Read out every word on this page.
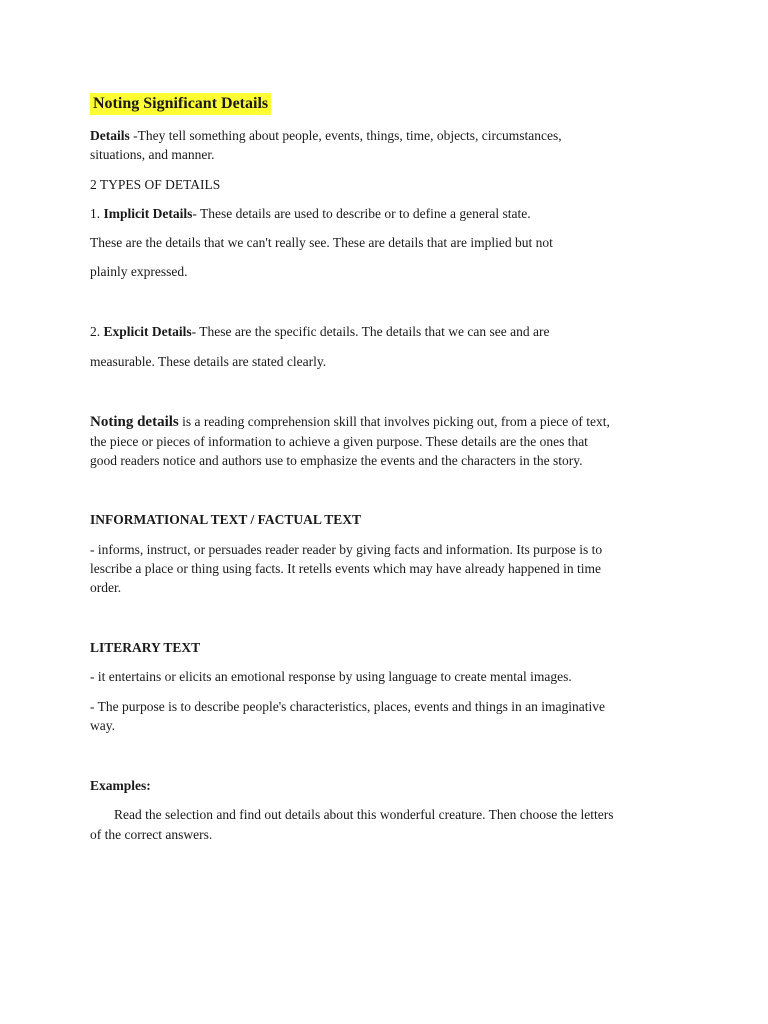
Noting Significant Details

Details -They tell something about people, events, things, time, objects, circumstances,

situations, and manner.

2 TYPES OF DETAILS

1. Implicit Details- These details are used to describe or to define a general state.

These are the details that we can't really see. These are details that are implied but not

plainly expressed.

2. Explicit Details- These are the specific details. The details that we can see and are

measurable. These details are stated clearly.

Noting details is a reading comprehension skill that involves picking out, from a piece of text,

the piece or pieces of information to achieve a given purpose. These details are the ones that

good readers notice and authors use to emphasize the events and the characters in the story.

INFORMATIONAL TEXT / FACTUAL TEXT

- informs, instruct, or persuades reader reader by giving facts and information. Its purpose is to

lescribe a place or thing using facts. It retells events which may have already happened in time

order.

LITERARY TEXT

- it entertains or elicits an emotional response by using language to create mental images.

- The purpose is to describe people's characteristics, places, events and things in an imaginative

way.

Examples:

Read the selection and find out details about this wonderful creature. Then choose the letters

of the correct answers.
